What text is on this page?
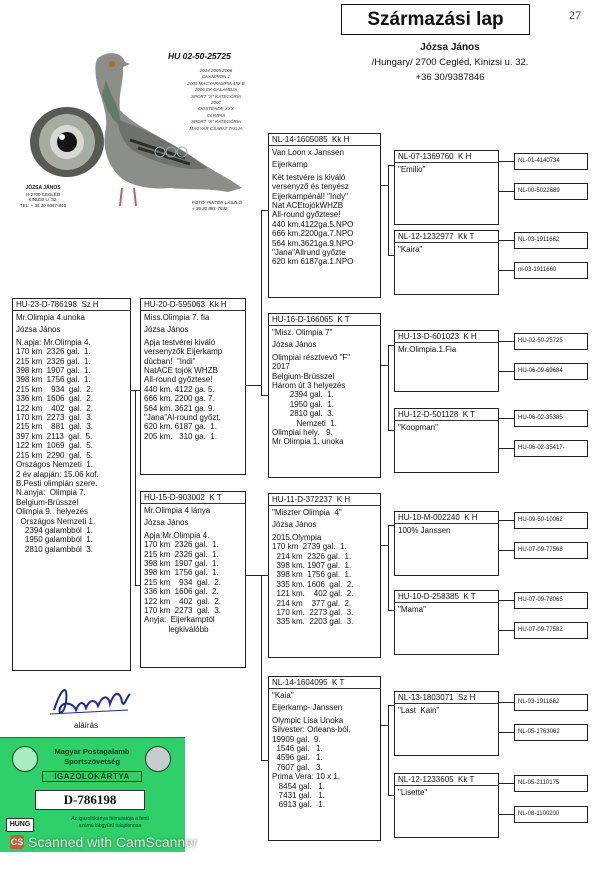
Származási lap	27
Józsa János
/Hungary/ 2700 Cegléd, Kinizsi u. 32.
+36 30/9387846
HU 02-50-25725
2014 2005 2006
CHAMPION 1
2005 MAGYARAMPIA 452 B
2006 EK GALAMBJA
SPORT "A" KATEGÓRIA
2007
OOSTENDE XXX
OLIMPIA
SPORT "A" KATEGÓRIA
MAGYAR CSAPAT TAGJA
JÓZSA JÁNOS
H-2700 CEGLÉD
KINIZSI U. 32.
TEL: + 36 30 9387-846	FOTÓ: PINTÉR LÁSZLÓ
+ 36 30 881-7542
HU-23-D-786198  Sz H
Mr.Olimpia 4.unoka

Józsa János

N.apja: Mr.Olimpia 4.
170 km  2326 gal.  1.
215 km  2326 gal.  1.
398 km  1907 gal.  1.
398 km  1756 gal.  1.
215 km    934  gal.  2.
336 km  1606  gal.  2.
122 km    402  gal.  2.
170 km  2273  gal.  3.
215 km    881  gal.  3.
397 km  2113  gal.  5.
122 km  1069  gal.  5.
215 km  2290  gal.  5.
Országos Nemzeti  1.
2 év alapján: 15.06 kof.
B.Pesti olimpián szere.
N.anyja:  Olimpia 7.
Belgium-Brüsszel
Olimpia 9.  helyezés
Országos Nemzeti 1.
2394 galambból  1.
1950 galambból  1.
2810 galambból  3.
HU-20-D-595063  Kk H
Miss.Olimpia 7. fia

Józsa János

Apja testvérei kiváló
versenyzők Eijerkamp
dúcban!  "Indi"
NatACE tojók WHZB
All-round győztese!
440 km. 4122 ga. 5.
666 km. 2200 ga. 7.
564 km. 3621 ga. 9.
"Jana"Al-round győzt.
620 km. 6187 ga.  1.
205 km.   310 ga.  1.
HU-15-D-903002  K T
Mr.Olimpia 4 lánya

Józsa János

Apja:Mr.Olimpia 4.
170 km  2326 gal.  1.
215 km  2326 gal.  1.
398 km  1907 gal.  1.
398 km  1756 gal.  1.
215 km    934  gal.  2.
336 km  1606 gal.  2.
122 km    402  gal.  2.
170 km  2273  gal.  3.
Anyja:  Eijerkamptól
legkiválóbb
NL-14-1605085  Kk H
Van Loon x Janssen

Eijerkamp

Két testvére is kiváló
versenyző és tenyész
Eijerkampénál! "Indy"
Nat ACEtojókWHZB
All-round győztese!
440 km.4122ga.5.NPO
666 km.2200ga.7.NPO
564 km.3621ga.9.NPO
"Jana"Allrund győzte
620 km 6187ga.1.NPO
HU-16-D-166065  K T
"Misz. Olimpia 7"

Józsa János

Olimpiai résztvevő "F"
2017
Belgium-Brüsszel
Három út 3 helyezés
2394 gal.  1.
1950 gal.  1.
2810 gal.  3.
Nemzeti  1.
Olimpiai hely.   9.
Mr Olimpia 1. unoka
HU-11-D-372237  K H
"Miszter Olimpia  4"

Józsa János

2015.Olympia
170 km  2739 gal.  1.
214 km  2326 gal.  1.
398 km. 1907 gal.  1.
398 km  1756 gal.  1.
335 km. 1606  gal.  2.
121 km.    402 gal.  2.
214 km    377 gal.  2.
170 km.  2273 gal.  3.
335 km.  2203 gal.  3.
NL-14-1604095  K T
"Kaia"

Eijerkamp- Janssen

Olympic Lisa Unoka
Silvester: Orleans-ból,
19909 gal.  9.
1546 gal.   1.
4596 gal.   1.
7607 gal.   3.
Prima Vera: 10 x 1.
8454 gal.   1.
7431 gal.   1.
6913 gal.   1.
NL-07-1369760  K H
"Emilio"
NL-12-1232977  Kk T
"Kaira"
HU-13-D-601023  K H
Mr.Olimpia.1.Fia
HU-12-D-501128  K T
"Koopman"
HU-10-M-002240  K H
100% Janssen
HU-10-D-258385  K T
"Mama"
NL-13-1803071  Sz H
"Last  Kain"
NL-12-1233605  Kk T
"Lisette"
NL-01-4140734
NL-00-5022689
NL-03-1911662
nl-03-1911660
HU-02-50-25725
HU-06-09-69684
HU-06-02-35385
HU-06-02-35417-
HU-09-50-10062
HU-07-09-77568
HU-07-09-78065
HU-07-09-77582
NL-03-1911662
NL-05-1763062
NL-05-2110175
NL-08-1100200
aláírás
Magyar Postagalamb Sportszövetség
IGAZOLÓKÁRTYA
D-786198
HUNG
Az igazolókártya felmutatója a fenti számú lábgyűrű tulajdonosa
CS Scanned with CamScanner
